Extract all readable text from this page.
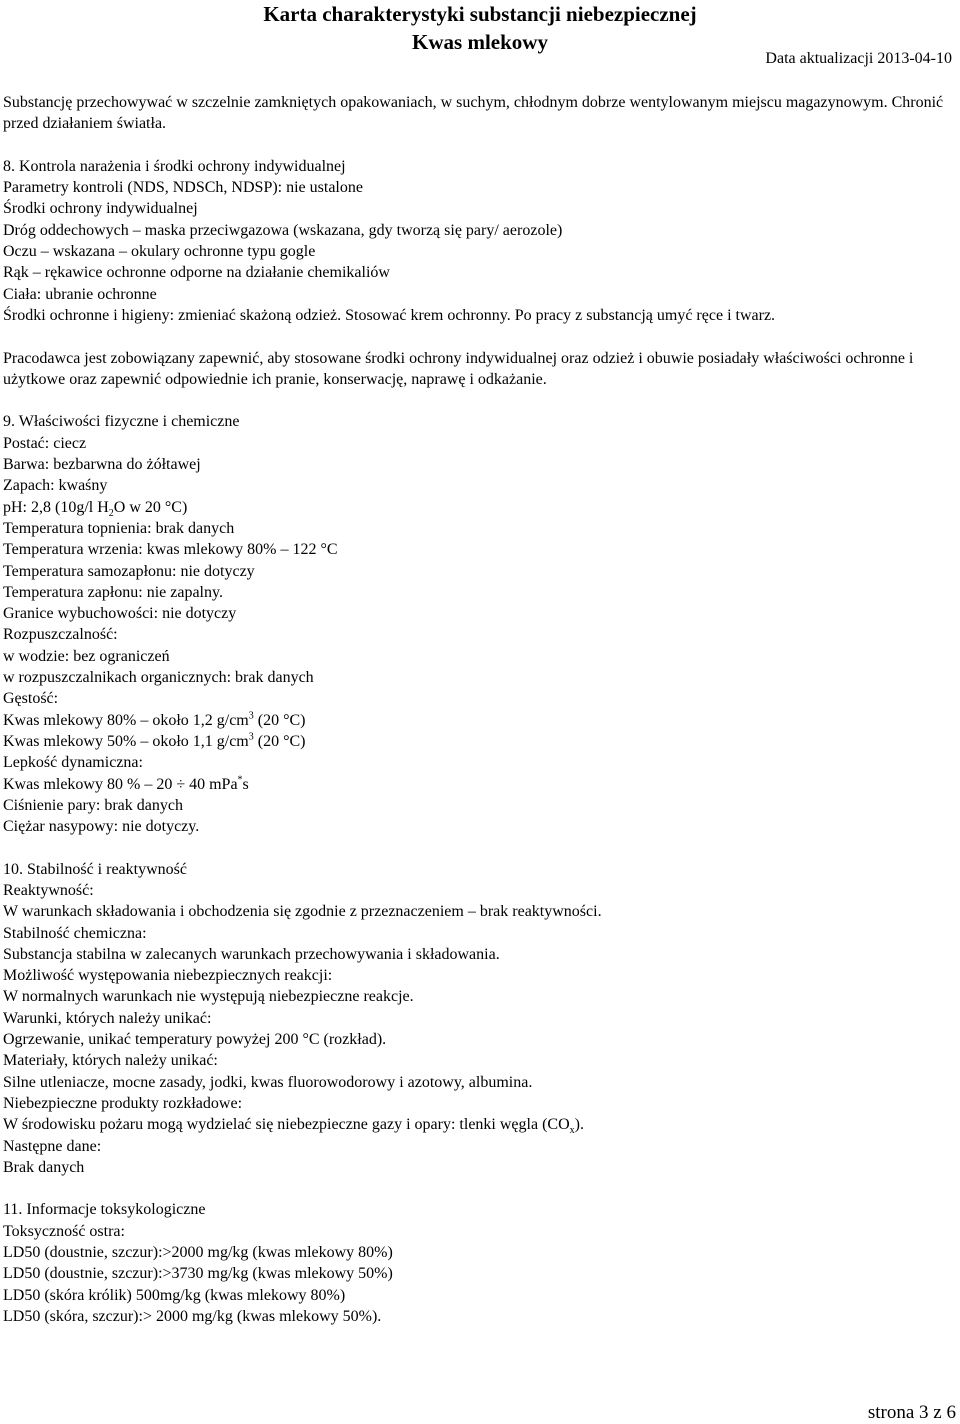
Karta charakterystyki substancji niebezpiecznej
Kwas mlekowy
Data aktualizacji 2013-04-10

Substancję przechowywać w szczelnie zamkniętych opakowaniach, w suchym, chłodnym dobrze wentylowanym miejscu magazynowym. Chronić przed działaniem światła.

8. Kontrola narażenia i środki ochrony indywidualnej

Parametry kontroli (NDS, NDSCh, NDSP): nie ustalone

Środki ochrony indywidualnej

Dróg oddechowych – maska przeciwgazowa (wskazana, gdy tworzą się pary/ aerozole)

Oczu – wskazana – okulary ochronne typu gogle

Rąk – rękawice ochronne odporne na działanie chemikaliów

Ciała: ubranie ochronne

Środki ochronne i higieny: zmieniać skażoną odzież. Stosować krem ochronny. Po pracy z substancją umyć ręce i twarz.

Pracodawca jest zobowiązany zapewnić, aby stosowane środki ochrony indywidualnej oraz odzież i obuwie posiadały właściwości ochronne i użytkowe oraz zapewnić odpowiednie ich pranie, konserwację, naprawę i odkażanie.

9. Właściwości fizyczne i chemiczne

Postać: ciecz

Barwa: bezbarwna do żółtawej

Zapach: kwaśny

pH: 2,8 (10g/l $H_2O$ w 20 °C)

Temperatura topnienia: brak danych

Temperatura wrzenia: kwas mlekowy 80% – 122 °C

Temperatura samozapłonu: nie dotyczy

Temperatura zapłonu: nie zapalny.

Granice wybuchowości: nie dotyczy

Rozpuszczalność:

w wodzie: bez ograniczeń

w rozpuszczalnikach organicznych: brak danych

Gęstość:

Kwas mlekowy 80% – około 1,2 $g/cm^3$ (20 °C)

Kwas mlekowy 50% – około 1,1 $g/cm^3$ (20 °C)

Lepkość dynamiczna:

Kwas mlekowy 80 % – 20 ÷ 40 mPa*s

Ciśnienie pary: brak danych

Ciężar nasypowy: nie dotyczy.

10. Stabilność i reaktywność

Reaktywność:

W warunkach składowania i obchodzenia się zgodnie z przeznaczeniem – brak reaktywności.

Stabilność chemiczna:

Substancja stabilna w zalecanych warunkach przechowywania i składowania.

Możliwość występowania niebezpiecznych reakcji:

W normalnych warunkach nie występują niebezpieczne reakcje.

Warunki, których należy unikać:

Ogrzewanie, unikać temperatury powyżej 200 °C (rozkład).

Materiały, których należy unikać:

Silne utleniacze, mocne zasady, jodki, kwas fluorowodorowy i azotowy, albumina.

Niebezpieczne produkty rozkładowe:

W środowisku pożaru mogą wydzielać się niebezpieczne gazy i opary: tlenki węgla $(CO_x)$.

Następne dane:

Brak danych

11. Informacje toksykologiczne

Toksyczność ostra:

LD50 (doustnie, szczur):>2000 mg/kg (kwas mlekowy 80%)

LD50 (doustnie, szczur):>3730 mg/kg (kwas mlekowy 50%)

LD50 (skóra królik) 500mg/kg (kwas mlekowy 80%)

LD50 (skóra, szczur):> 2000 mg/kg (kwas mlekowy 50%).

strona 3 z 6
